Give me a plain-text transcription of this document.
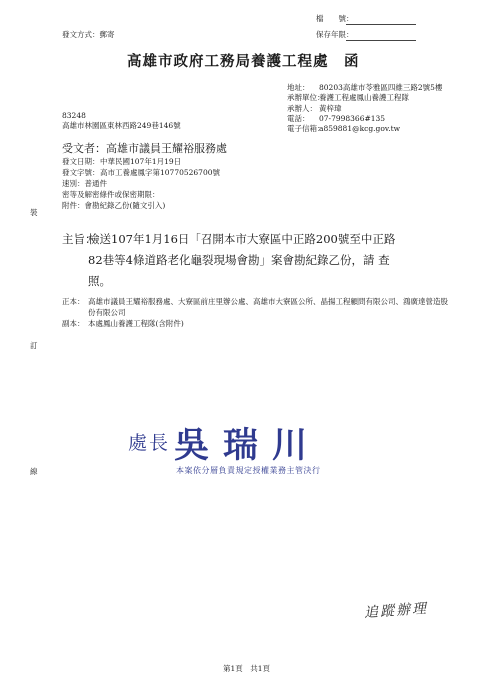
發文方式：郵寄
檔　　號：
保存年限：
高雄市政府工務局養護工程處　函
地址：	80203高雄市苓雅區四維三路2號5樓
承辦單位：
養護工程處鳳山養護工程隊
承辦人： 黃梓瑋
電話：	07-7998366#135
電子信箱：
a859881@kcg.gov.tw
83248
高雄市林園區東林西路249巷146號
受文者：高雄市議員王耀裕服務處
發文日期： 中華民國107年1月19日
發文字號： 高市工養處鳳字第10770526700號
速別： 普通件
密等及解密條件或保密期限：
附件： 會勘紀錄乙份(隨文引入)
主旨：
檢送107年1月16日「召開本市大寮區中正路200號至中正路
82巷等4條道路老化龜裂現場會勘」案會勘紀錄乙份，請 查
照。
正本： 高雄市議員王耀裕服務處、大寮區前庄里辦公處、高雄市大寮區公所、晶揚工程顧問有限公司、鴻廣達營造股份有限公司
副本： 本處鳳山養護工程隊(含附件)
裝
訂
線
處長 吳瑞川
本案依分層負責規定授權業務主管決行
追蹤辦理
第1頁　共1頁
